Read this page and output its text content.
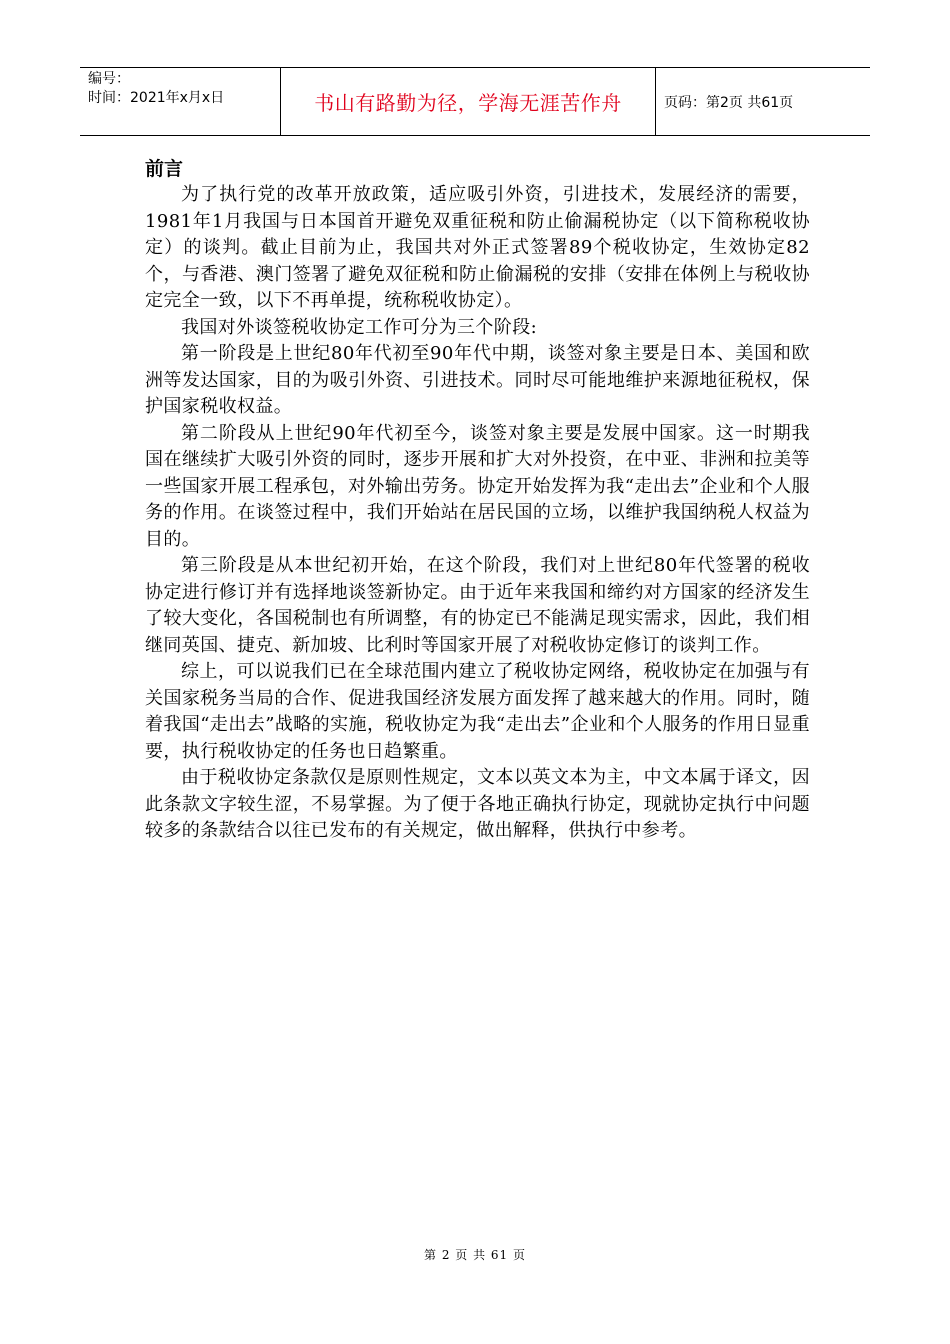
编号：
时间：2021年x月x日	书山有路勤为径，学海无涯苦作舟	页码：第2页 共61页

前言

为了执行党的改革开放政策，适应吸引外资，引进技术，发展经济的需要，1981年1月我国与日本国首开避免双重征税和防止偷漏税协定（以下简称税收协定）的谈判。截止目前为止，我国共对外正式签署89个税收协定，生效协定82个，与香港、澳门签署了避免双征税和防止偷漏税的安排（安排在体例上与税收协定完全一致，以下不再单提，统称税收协定）。

我国对外谈签税收协定工作可分为三个阶段:

第一阶段是上世纪80年代初至90年代中期，谈签对象主要是日本、美国和欧洲等发达国家，目的为吸引外资、引进技术。同时尽可能地维护来源地征税权，保护国家税收权益。

第二阶段从上世纪90年代初至今，谈签对象主要是发展中国家。这一时期我国在继续扩大吸引外资的同时，逐步开展和扩大对外投资，在中亚、非洲和拉美等一些国家开展工程承包，对外输出劳务。协定开始发挥为我“走出去”企业和个人服务的作用。在谈签过程中，我们开始站在居民国的立场，以维护我国纳税人权益为目的。

第三阶段是从本世纪初开始，在这个阶段，我们对上世纪80年代签署的税收协定进行修订并有选择地谈签新协定。由于近年来我国和缔约对方国家的经济发生了较大变化，各国税制也有所调整，有的协定已不能满足现实需求，因此，我们相继同英国、捷克、新加坡、比利时等国家开展了对税收协定修订的谈判工作。

综上，可以说我们已在全球范围内建立了税收协定网络，税收协定在加强与有关国家税务当局的合作、促进我国经济发展方面发挥了越来越大的作用。同时，随着我国“走出去”战略的实施，税收协定为我“走出去”企业和个人服务的作用日显重要，执行税收协定的任务也日趋繁重。

由于税收协定条款仅是原则性规定，文本以英文本为主，中文本属于译文，因此条款文字较生涩，不易掌握。为了便于各地正确执行协定，现就协定执行中问题较多的条款结合以往已发布的有关规定，做出解释，供执行中参考。

第 2 页 共 61 页
